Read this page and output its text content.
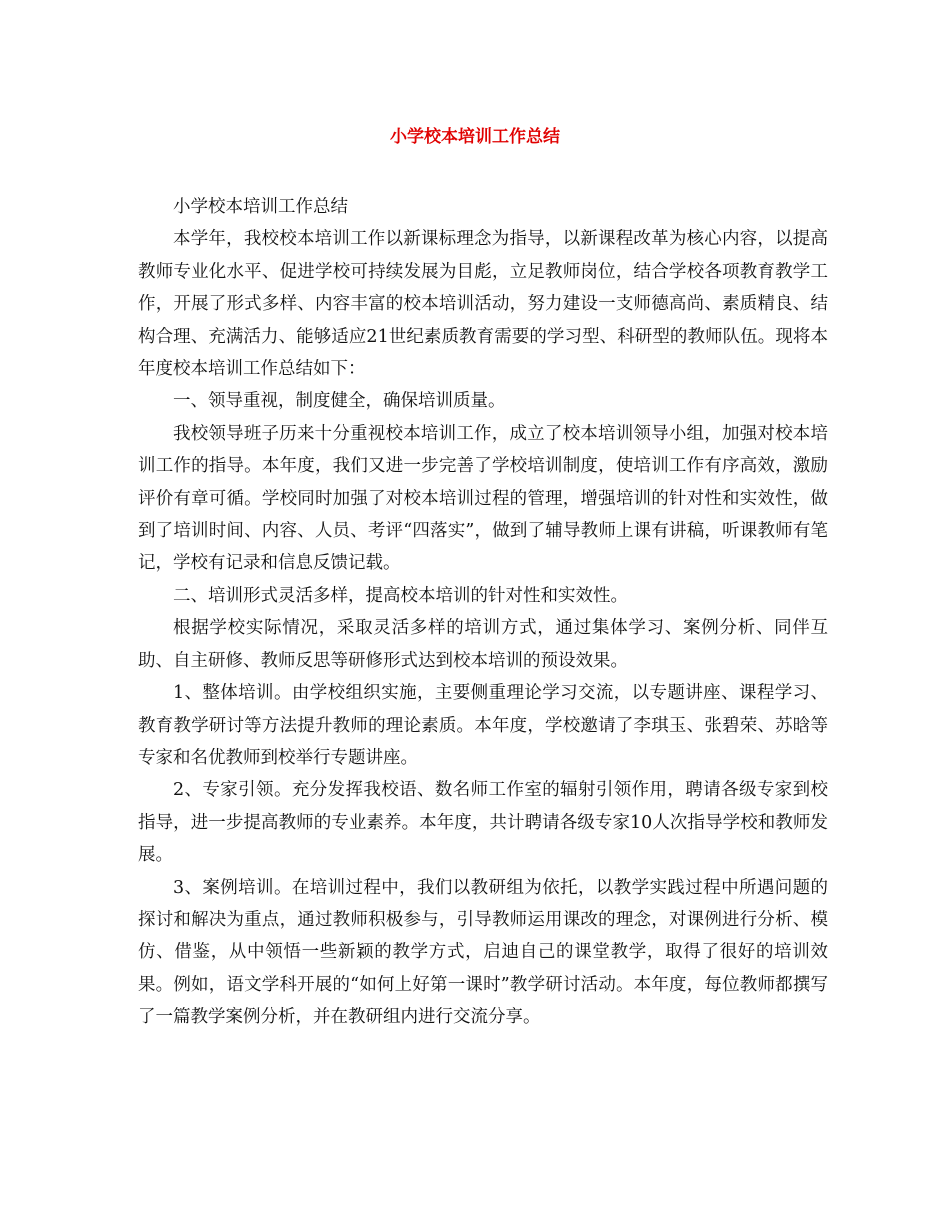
小学校本培训工作总结

小学校本培训工作总结

本学年，我校校本培训工作以新课标理念为指导，以新课程改革为核心内容，以提高教师专业化水平、促进学校可持续发展为目彪，立足教师岗位，结合学校各项教育教学工作，开展了形式多样、内容丰富的校本培训活动，努力建设一支师德高尚、素质精良、结构合理、充满活力、能够适应21世纪素质教育需要的学习型、科研型的教师队伍。现将本年度校本培训工作总结如下：

一、领导重视，制度健全，确保培训质量。

我校领导班子历来十分重视校本培训工作，成立了校本培训领导小组，加强对校本培训工作的指导。本年度，我们又进一步完善了学校培训制度，使培训工作有序高效，激励评价有章可循。学校同时加强了对校本培训过程的管理，增强培训的针对性和实效性，做到了培训时间、内容、人员、考评“四落实”，做到了辅导教师上课有讲稿，听课教师有笔记，学校有记录和信息反馈记载。

二、培训形式灵活多样，提高校本培训的针对性和实效性。

根据学校实际情况，采取灵活多样的培训方式，通过集体学习、案例分析、同伴互助、自主研修、教师反思等研修形式达到校本培训的预设效果。

1、整体培训。由学校组织实施，主要侧重理论学习交流，以专题讲座、课程学习、教育教学研讨等方法提升教师的理论素质。本年度，学校邀请了李琪玉、张碧荣、苏晗等专家和名优教师到校举行专题讲座。

2、专家引领。充分发挥我校语、数名师工作室的辐射引领作用，聘请各级专家到校指导，进一步提高教师的专业素养。本年度，共计聘请各级专家10人次指导学校和教师发展。

3、案例培训。在培训过程中，我们以教研组为依托，以教学实践过程中所遇问题的探讨和解决为重点，通过教师积极参与，引导教师运用课改的理念，对课例进行分析、模仿、借鉴，从中领悟一些新颖的教学方式，启迪自己的课堂教学，取得了很好的培训效果。例如，语文学科开展的“如何上好第一课时”教学研讨活动。本年度，每位教师都撰写了一篇教学案例分析，并在教研组内进行交流分享。
